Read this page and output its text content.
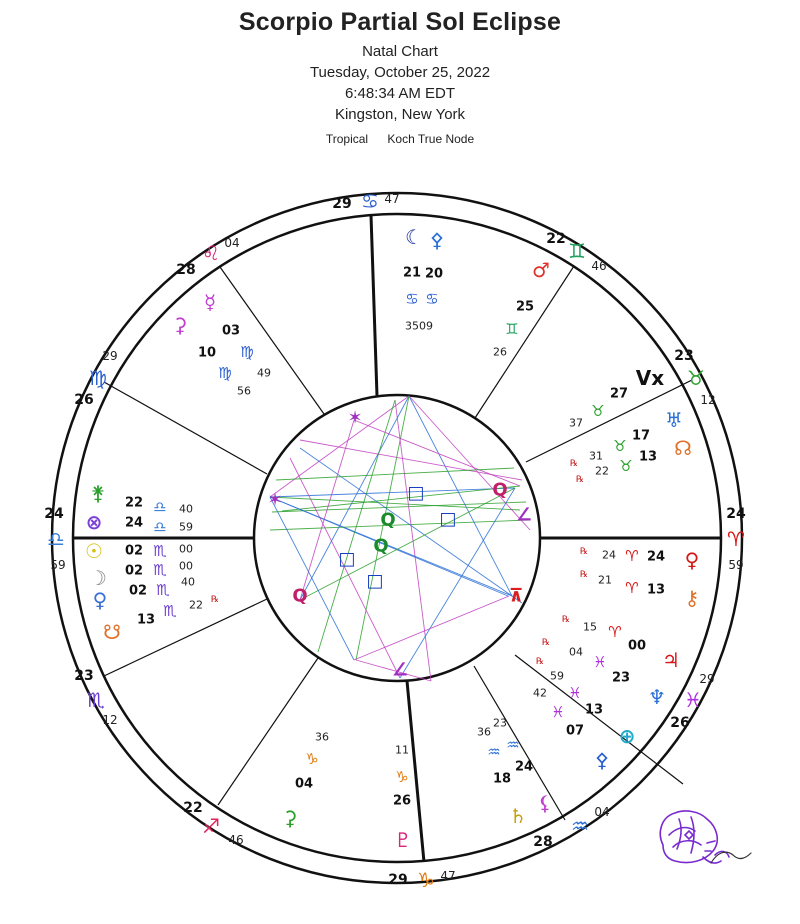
Scorpio Partial Sol Eclipse
Natal Chart
Tuesday, October 25, 2022
6:48:34 AM EDT
Kingston, New York
Tropical Koch True Node
□
□
□
□
Q
Q
Q
Q
✶
✶
∠
∠
⊼
24
♎
59
23
♏
12
22
♐
46
29 ♑ 47
28
♒
04
26
♓
29
24
♈
59
23
♉
12
22 ♊
46
29 ♋ 47
28
♌ 04
26
♍
29
⚵ 22 ♎ 40
⊗ 24 ♎ 59
☉ 02 ♏ 00
☽ 02 ♏ 00
♀ 02 ♏ 40
☋ 13 ♏ 22 ℞
♀
24
♈
24
℞
⚷
13
♈
21
℞
♃
00
♈
15
℞
♆
23
♓
04
℞
⊕
13
♓
59
℞
⚴
07
♓
42
⚸
24
♒
23
♄
18
♒
36
♇
26
♑
11
⚳
04
♑
36
⚳
10
♍
56
☿
03
♍
49
☾
21
♋
35
⚴
20
♋
09
♂
25
♊
26
Vx
27
♉
37	♅
17
♉
31
℞
☊
13
♉
22
℞
